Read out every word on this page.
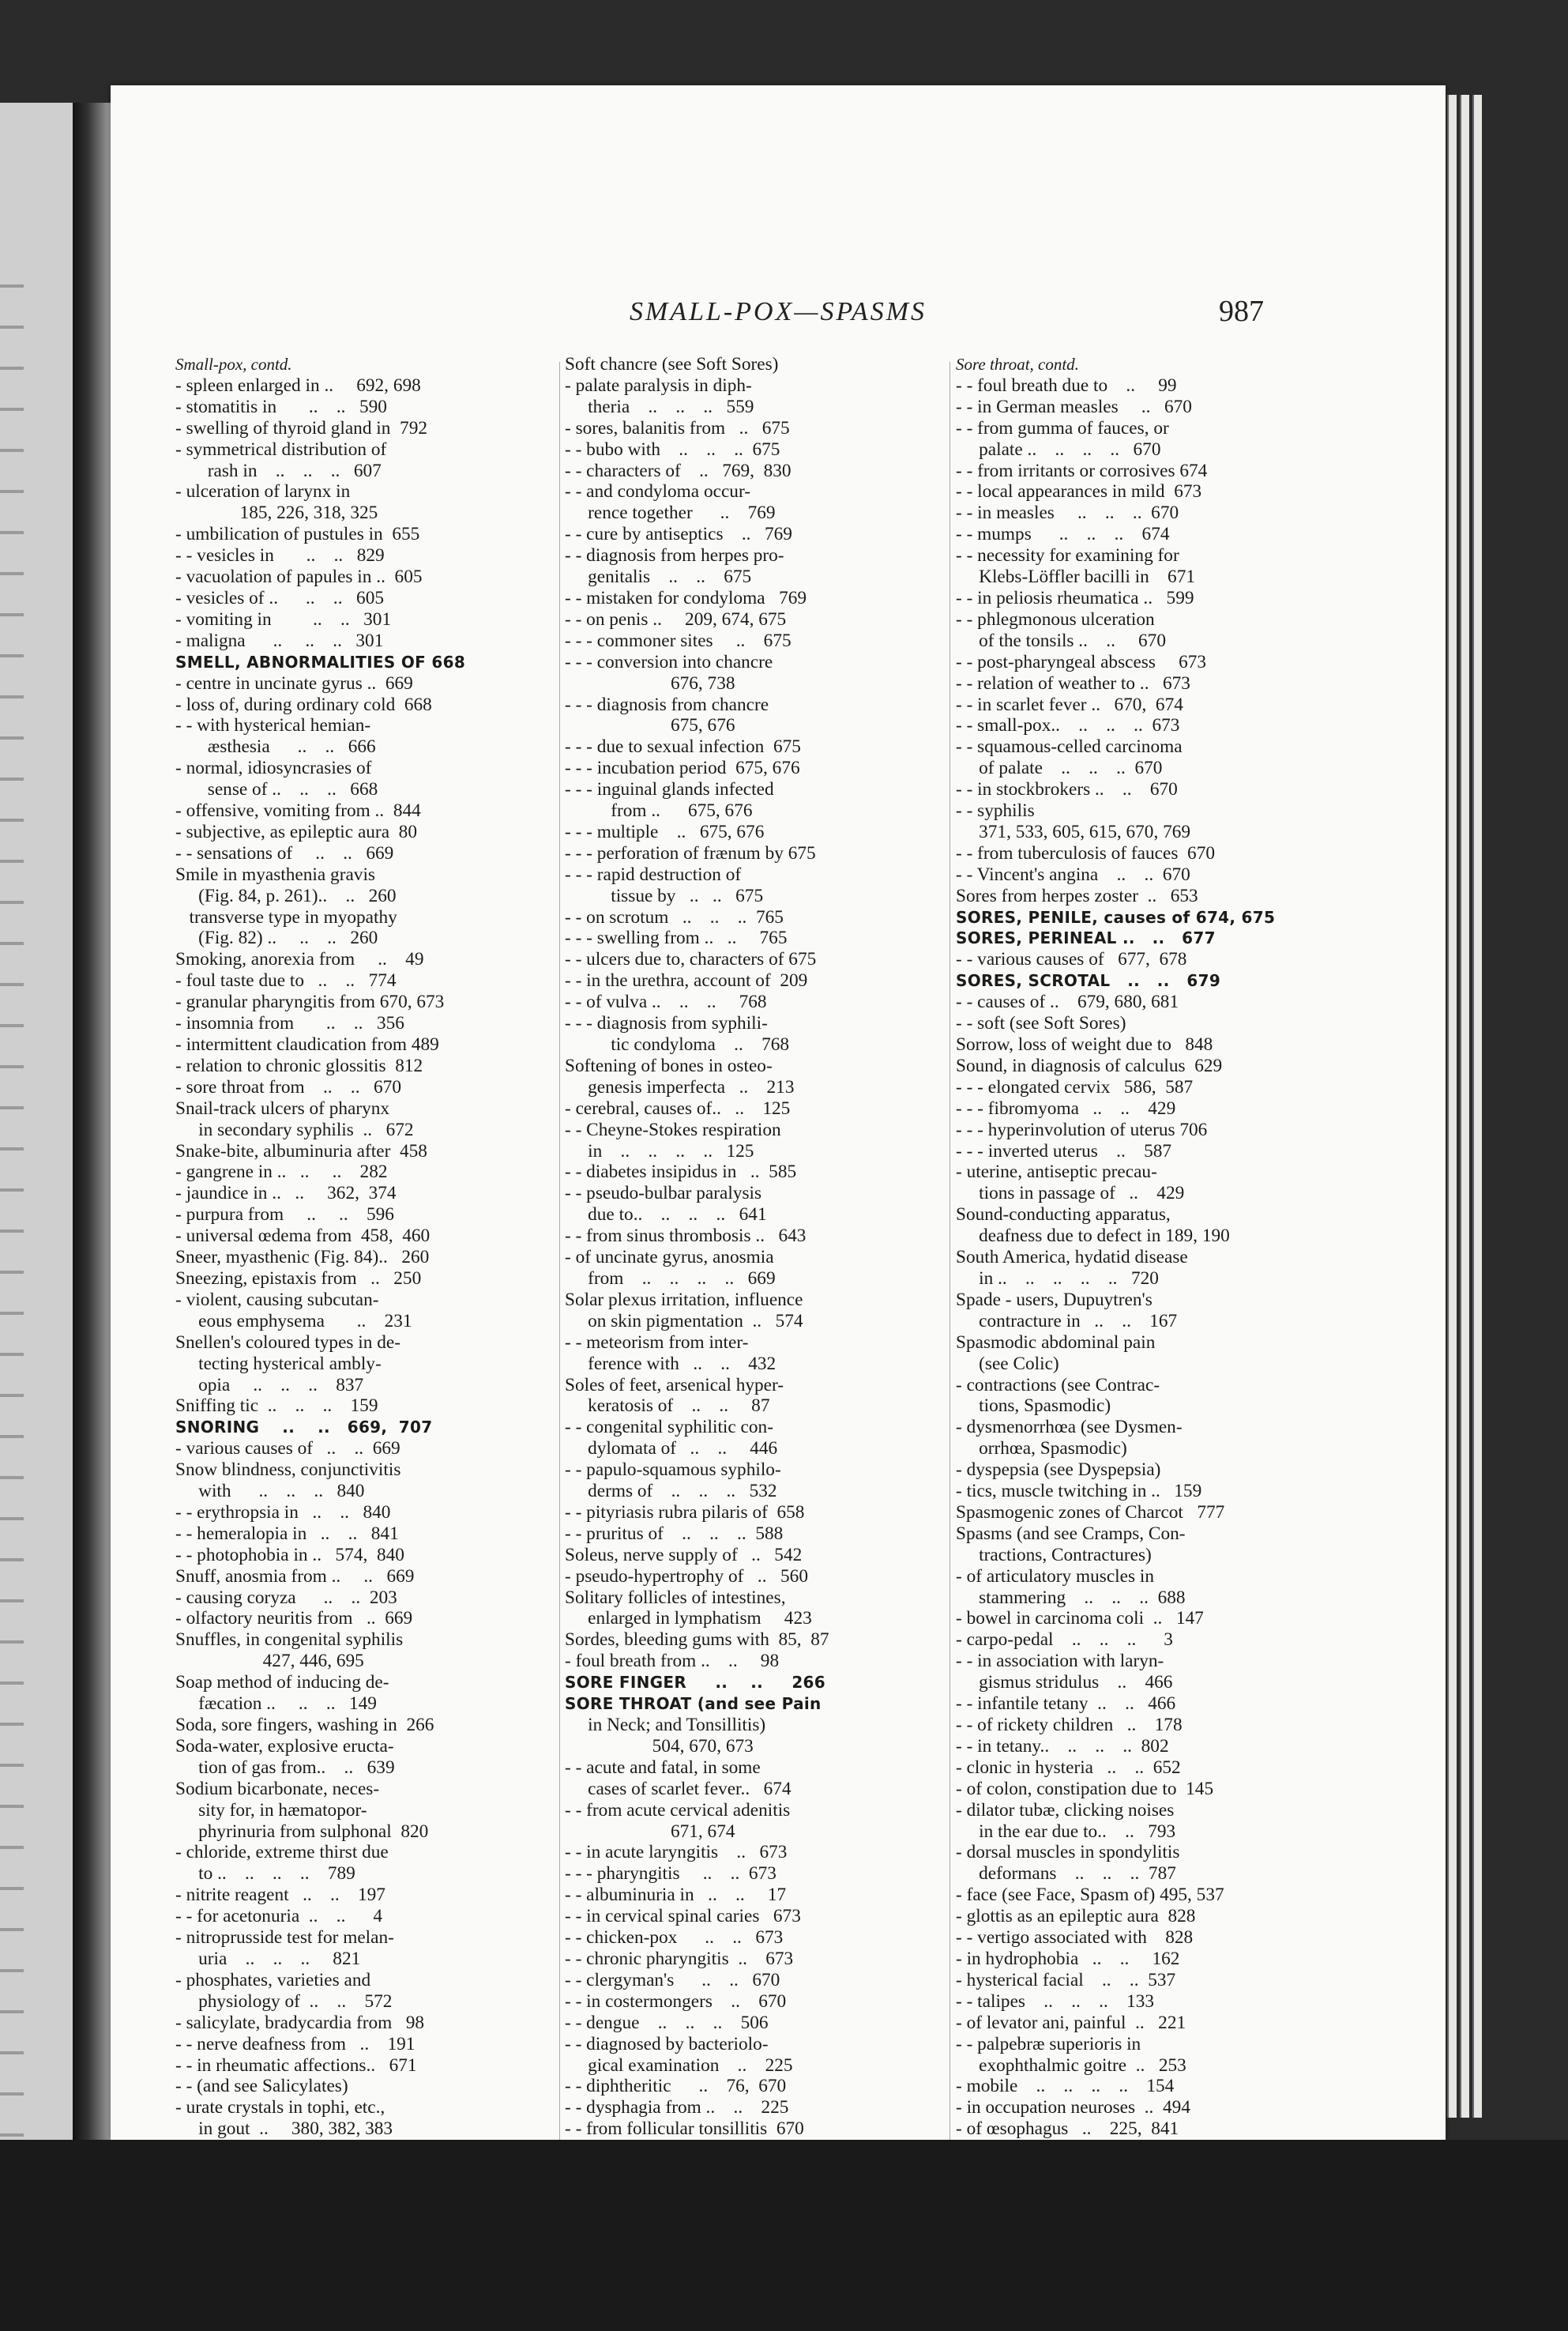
SMALL-POX—SPASMS	987
Small-pox, contd.
- spleen enlarged in ..     692, 698
- stomatitis in       ..    ..   590
- swelling of thyroid gland in  792
- symmetrical distribution of
rash in    ..    ..    ..   607
- ulceration of larynx in
185, 226, 318, 325
- umbilication of pustules in  655
- - vesicles in       ..    ..   829
- vacuolation of papules in ..  605
- vesicles of ..      ..    ..   605
- vomiting in         ..    ..   301
- maligna      ..     ..    ..   301
SMELL, ABNORMALITIES OF 668
- centre in uncinate gyrus ..  669
- loss of, during ordinary cold  668
- - with hysterical hemian-
æsthesia      ..    ..   666
- normal, idiosyncrasies of
sense of ..    ..    ..   668
- offensive, vomiting from ..  844
- subjective, as epileptic aura  80
- - sensations of     ..    ..   669
Smile in myasthenia gravis
(Fig. 84, p. 261)..    ..   260
transverse type in myopathy
(Fig. 82) ..     ..    ..   260
Smoking, anorexia from     ..    49
- foul taste due to   ..    ..   774
- granular pharyngitis from 670, 673
- insomnia from       ..    ..   356
- intermittent claudication from 489
- relation to chronic glossitis  812
- sore throat from    ..    ..   670
Snail-track ulcers of pharynx
in secondary syphilis  ..   672
Snake-bite, albuminuria after  458
- gangrene in ..   ..     ..    282
- jaundice in ..   ..     362,  374
- purpura from     ..     ..    596
- universal œdema from  458,  460
Sneer, myasthenic (Fig. 84)..   260
Sneezing, epistaxis from   ..   250
- violent, causing subcutan-
eous emphysema       ..    231
Snellen's coloured types in de-
tecting hysterical ambly-
opia     ..    ..    ..    837
Sniffing tic  ..    ..    ..    159
SNORING    ..    ..   669,  707
- various causes of   ..    ..  669
Snow blindness, conjunctivitis
with      ..    ..    ..   840
- - erythropsia in   ..    ..   840
- - hemeralopia in   ..    ..   841
- - photophobia in ..   574,  840
Snuff, anosmia from ..     ..   669
- causing coryza      ..    ..  203
- olfactory neuritis from   ..  669
Snuffles, in congenital syphilis
427, 446, 695
Soap method of inducing de-
fæcation ..     ..    ..   149
Soda, sore fingers, washing in  266
Soda-water, explosive eructa-
tion of gas from..    ..   639
Sodium bicarbonate, neces-
sity for, in hæmatopor-
phyrinuria from sulphonal  820
- chloride, extreme thirst due
to ..    ..    ..    ..    789
- nitrite reagent   ..    ..    197
- - for acetonuria  ..    ..      4
- nitroprusside test for melan-
uria    ..    ..    ..     821
- phosphates, varieties and
physiology of  ..    ..    572
- salicylate, bradycardia from   98
- - nerve deafness from   ..    191
- - in rheumatic affections..   671
- - (and see Salicylates)
- urate crystals in tophi, etc.,
in gout  ..     380, 382, 383
Soft chancre (see Soft Sores)
- palate paralysis in diph-
theria    ..    ..    ..   559
- sores, balanitis from   ..   675
- - bubo with    ..    ..    ..  675
- - characters of    ..   769,  830
- - and condyloma occur-
rence together      ..    769
- - cure by antiseptics    ..   769
- - diagnosis from herpes pro-
genitalis    ..    ..    675
- - mistaken for condyloma   769
- - on penis ..     209, 674, 675
- - - commoner sites     ..    675
- - - conversion into chancre
676, 738
- - - diagnosis from chancre
675, 676
- - - due to sexual infection  675
- - - incubation period  675, 676
- - - inguinal glands infected
from ..      675, 676
- - - multiple    ..   675, 676
- - - perforation of frænum by 675
- - - rapid destruction of
tissue by   ..   ..   675
- - on scrotum   ..    ..    ..  765
- - - swelling from ..   ..     765
- - ulcers due to, characters of 675
- - in the urethra, account of  209
- - of vulva ..    ..    ..     768
- - - diagnosis from syphili-
tic condyloma    ..    768
Softening of bones in osteo-
genesis imperfecta   ..    213
- cerebral, causes of..   ..    125
- - Cheyne-Stokes respiration
in    ..    ..    ..    ..   125
- - diabetes insipidus in   ..  585
- - pseudo-bulbar paralysis
due to..    ..    ..    ..   641
- - from sinus thrombosis ..   643
- of uncinate gyrus, anosmia
from    ..    ..    ..    ..   669
Solar plexus irritation, influence
on skin pigmentation  ..   574
- - meteorism from inter-
ference with   ..    ..    432
Soles of feet, arsenical hyper-
keratosis of    ..    ..     87
- - congenital syphilitic con-
dylomata of   ..    ..     446
- - papulo-squamous syphilo-
derms of    ..    ..    ..   532
- - pityriasis rubra pilaris of  658
- - pruritus of    ..    ..    ..  588
Soleus, nerve supply of   ..   542
- pseudo-hypertrophy of   ..   560
Solitary follicles of intestines,
enlarged in lymphatism     423
Sordes, bleeding gums with  85,  87
- foul breath from ..    ..     98
SORE FINGER     ..    ..     266
SORE THROAT (and see Pain
in Neck; and Tonsillitis)
504, 670, 673
- - acute and fatal, in some
cases of scarlet fever..   674
- - from acute cervical adenitis
671, 674
- - in acute laryngitis    ..   673
- - - pharyngitis     ..    ..  673
- - albuminuria in   ..    ..     17
- - in cervical spinal caries   673
- - chicken-pox      ..    ..   673
- - chronic pharyngitis  ..    673
- - clergyman's      ..    ..   670
- - in costermongers    ..    670
- - dengue    ..    ..    ..    506
- - diagnosed by bacteriolo-
gical examination    ..    225
- - diphtheritic      ..    76,  670
- - dysphagia from ..    ..    225
- - from follicular tonsillitis  670
Sore throat, contd.
- - foul breath due to    ..     99
- - in German measles     ..   670
- - from gumma of fauces, or
palate ..    ..    ..    ..   670
- - from irritants or corrosives 674
- - local appearances in mild  673
- - in measles     ..    ..    ..  670
- - mumps      ..    ..    ..    674
- - necessity for examining for
Klebs-Löffler bacilli in    671
- - in peliosis rheumatica ..   599
- - phlegmonous ulceration
of the tonsils ..    ..     670
- - post-pharyngeal abscess     673
- - relation of weather to ..   673
- - in scarlet fever ..   670,  674
- - small-pox..    ..    ..    ..  673
- - squamous-celled carcinoma
of palate    ..    ..    ..  670
- - in stockbrokers ..    ..    670
- - syphilis
371, 533, 605, 615, 670, 769
- - from tuberculosis of fauces  670
- - Vincent's angina    ..    ..  670
Sores from herpes zoster  ..   653
SORES, PENILE, causes of 674, 675
SORES, PERINEAL ..   ..   677
- - various causes of   677,  678
SORES, SCROTAL   ..   ..   679
- - causes of ..    679, 680, 681
- - soft (see Soft Sores)
Sorrow, loss of weight due to   848
Sound, in diagnosis of calculus  629
- - - elongated cervix   586,  587
- - - fibromyoma   ..    ..    429
- - - hyperinvolution of uterus 706
- - - inverted uterus    ..    587
- uterine, antiseptic precau-
tions in passage of   ..    429
Sound-conducting apparatus,
deafness due to defect in 189, 190
South America, hydatid disease
in ..    ..    ..    ..    ..   720
Spade - users, Dupuytren's
contracture in   ..    ..    167
Spasmodic abdominal pain
(see Colic)
- contractions (see Contrac-
tions, Spasmodic)
- dysmenorrhœa (see Dysmen-
orrhœa, Spasmodic)
- dyspepsia (see Dyspepsia)
- tics, muscle twitching in ..   159
Spasmogenic zones of Charcot   777
Spasms (and see Cramps, Con-
tractions, Contractures)
- of articulatory muscles in
stammering    ..    ..    ..  688
- bowel in carcinoma coli  ..   147
- carpo-pedal    ..    ..    ..      3
- - in association with laryn-
gismus stridulus    ..    466
- - infantile tetany  ..    ..   466
- - of rickety children   ..    178
- - in tetany..    ..    ..    ..  802
- clonic in hysteria   ..    ..  652
- of colon, constipation due to  145
- dilator tubæ, clicking noises
in the ear due to..    ..   793
- dorsal muscles in spondylitis
deformans    ..    ..    ..  787
- face (see Face, Spasm of) 495, 537
- glottis as an epileptic aura  828
- - vertigo associated with    828
- in hydrophobia   ..    ..     162
- hysterical facial    ..    ..  537
- - talipes    ..    ..    ..    133
- of levator ani, painful  ..   221
- - palpebræ superioris in
exophthalmic goitre  ..   253
- mobile    ..    ..    ..    ..    154
- in occupation neuroses  ..  494
- of œsophagus   ..    225,  841
